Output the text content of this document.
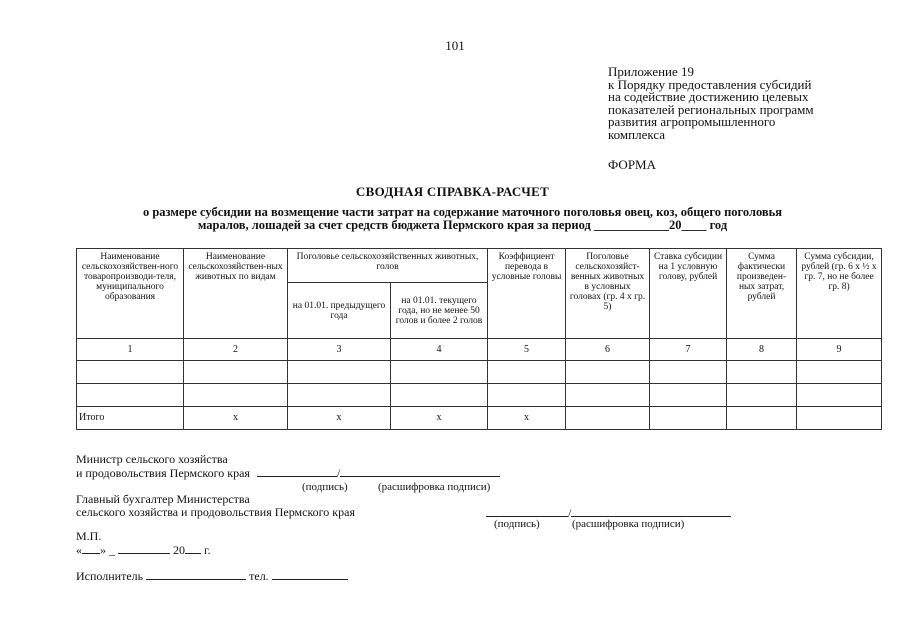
101
Приложение 19
к Порядку предоставления субсидий
на содействие достижению целевых
показателей региональных программ
развития агропромышленного
комплекса
ФОРМА
СВОДНАЯ СПРАВКА-РАСЧЕТ
о размере субсидии на возмещение части затрат на содержание маточного поголовья овец, коз, общего поголовья
маралов, лошадей за счет средств бюджета Пермского края за период ____________20____ год
Наименование сельскохозяйствен-ного товаропроизводи-теля, муниципального образования	Наименование сельскохозяйствен-ных животных по видам	Поголовье сельскохозяйственных животных, голов		Коэффициент перевода в условные головы	Поголовье сельскохозяйст-венных животных в условных головах (гр. 4 x гр. 5)	Ставка субсидии на 1 условную голову, рублей	Сумма фактически произведен-ных затрат, рублей	Сумма субсидии, рублей (гр. 6 x ½ x гр. 7, но не более гр. 8)
		на 01.01. предыдущего года	на 01.01. текущего года, но не менее 50 голов и более 2 голов					
1	2	3	4	5	6	7	8	9

Итого	x	x	x	x				
Министр сельского хозяйства
и продовольствия Пермского края	/
(подпись)	(расшифровка подписи)
Главный бухгалтер Министерства
сельского хозяйства и продовольствия Пермского края	/
(подпись)	(расшифровка подписи)
М.П.
« » _	20 г.
Исполнитель	тел.
